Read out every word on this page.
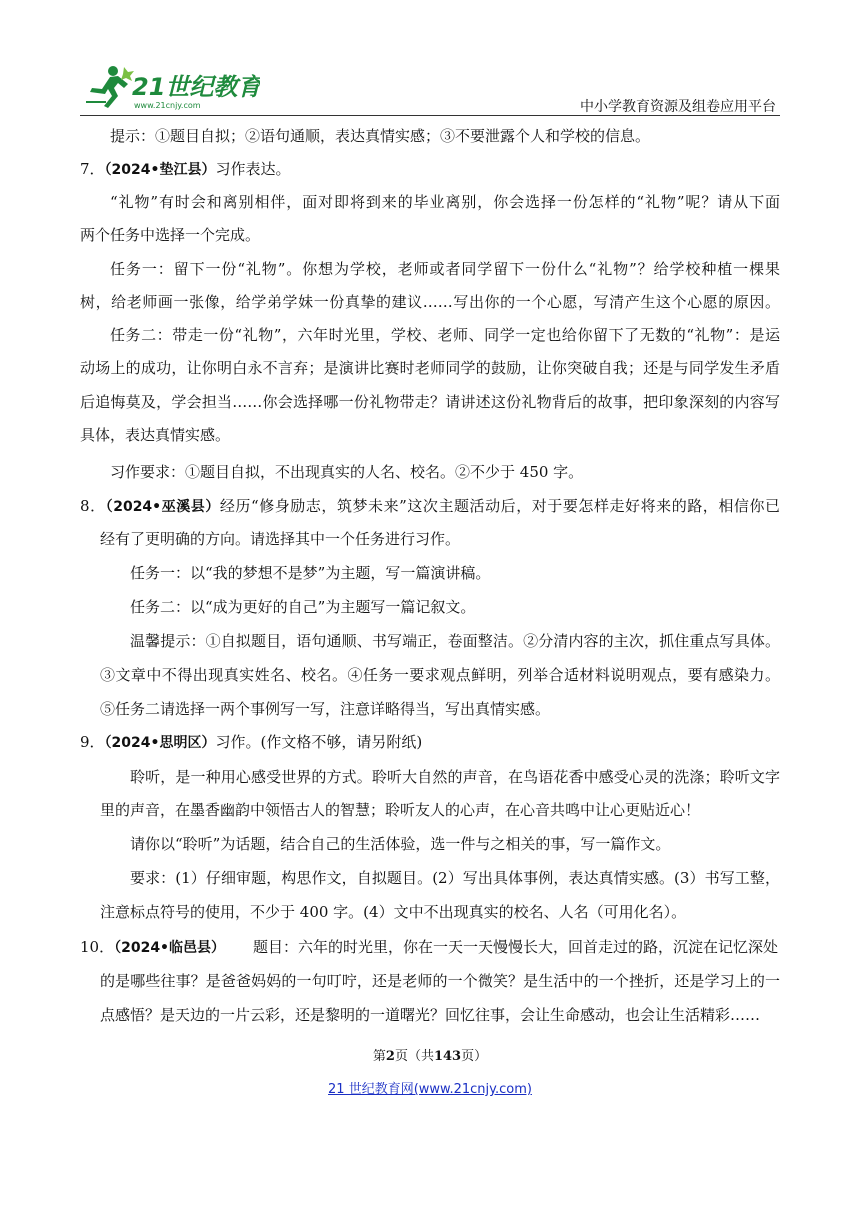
21世纪教育
www.21cnjy.com	中小学教育资源及组卷应用平台
提示：①题目自拟；②语句通顺，表达真情实感；③不要泄露个人和学校的信息。
7．（2024•垫江县）习作表达。
“礼物”有时会和离别相伴，面对即将到来的毕业离别，你会选择一份怎样的“礼物”呢？请从下面
两个任务中选择一个完成。
任务一：留下一份“礼物”。你想为学校，老师或者同学留下一份什么“礼物”？给学校种植一棵果
树，给老师画一张像，给学弟学妹一份真挚的建议……写出你的一个心愿，写清产生这个心愿的原因。
任务二：带走一份“礼物”，六年时光里，学校、老师、同学一定也给你留下了无数的“礼物”：是运
动场上的成功，让你明白永不言弃；是演讲比赛时老师同学的鼓励，让你突破自我；还是与同学发生矛盾
后追悔莫及，学会担当……你会选择哪一份礼物带走？请讲述这份礼物背后的故事，把印象深刻的内容写
具体，表达真情实感。
习作要求：①题目自拟，不出现真实的人名、校名。②不少于 450 字。
8．（2024•巫溪县）经历“修身励志，筑梦未来”这次主题活动后，对于要怎样走好将来的路，相信你已
经有了更明确的方向。请选择其中一个任务进行习作。
任务一：以“我的梦想不是梦”为主题，写一篇演讲稿。
任务二：以“成为更好的自己”为主题写一篇记叙文。
温馨提示：①自拟题目，语句通顺、书写端正，卷面整洁。②分清内容的主次，抓住重点写具体。
③文章中不得出现真实姓名、校名。④任务一要求观点鲜明，列举合适材料说明观点，要有感染力。
⑤任务二请选择一两个事例写一写，注意详略得当，写出真情实感。
9．（2024•思明区）习作。(作文格不够，请另附纸)
聆听，是一种用心感受世界的方式。聆听大自然的声音，在鸟语花香中感受心灵的洗涤；聆听文字
里的声音，在墨香幽韵中领悟古人的智慧；聆听友人的心声，在心音共鸣中让心更贴近心！
请你以“聆听”为话题，结合自己的生活体验，选一件与之相关的事，写一篇作文。
要求：(1）仔细审题，构思作文，自拟题目。(2）写出具体事例，表达真情实感。(3）书写工整，
注意标点符号的使用，不少于 400 字。(4）文中不出现真实的校名、人名（可用化名）。
10．（2024•临邑县） 题目：六年的时光里，你在一天一天慢慢长大，回首走过的路，沉淀在记忆深处
的是哪些往事？是爸爸妈妈的一句叮咛，还是老师的一个微笑？是生活中的一个挫折，还是学习上的一
点感悟？是天边的一片云彩，还是黎明的一道曙光？回忆往事，会让生命感动，也会让生活精彩……
第2页（共143页）
21 世纪教育网(www.21cnjy.com)
